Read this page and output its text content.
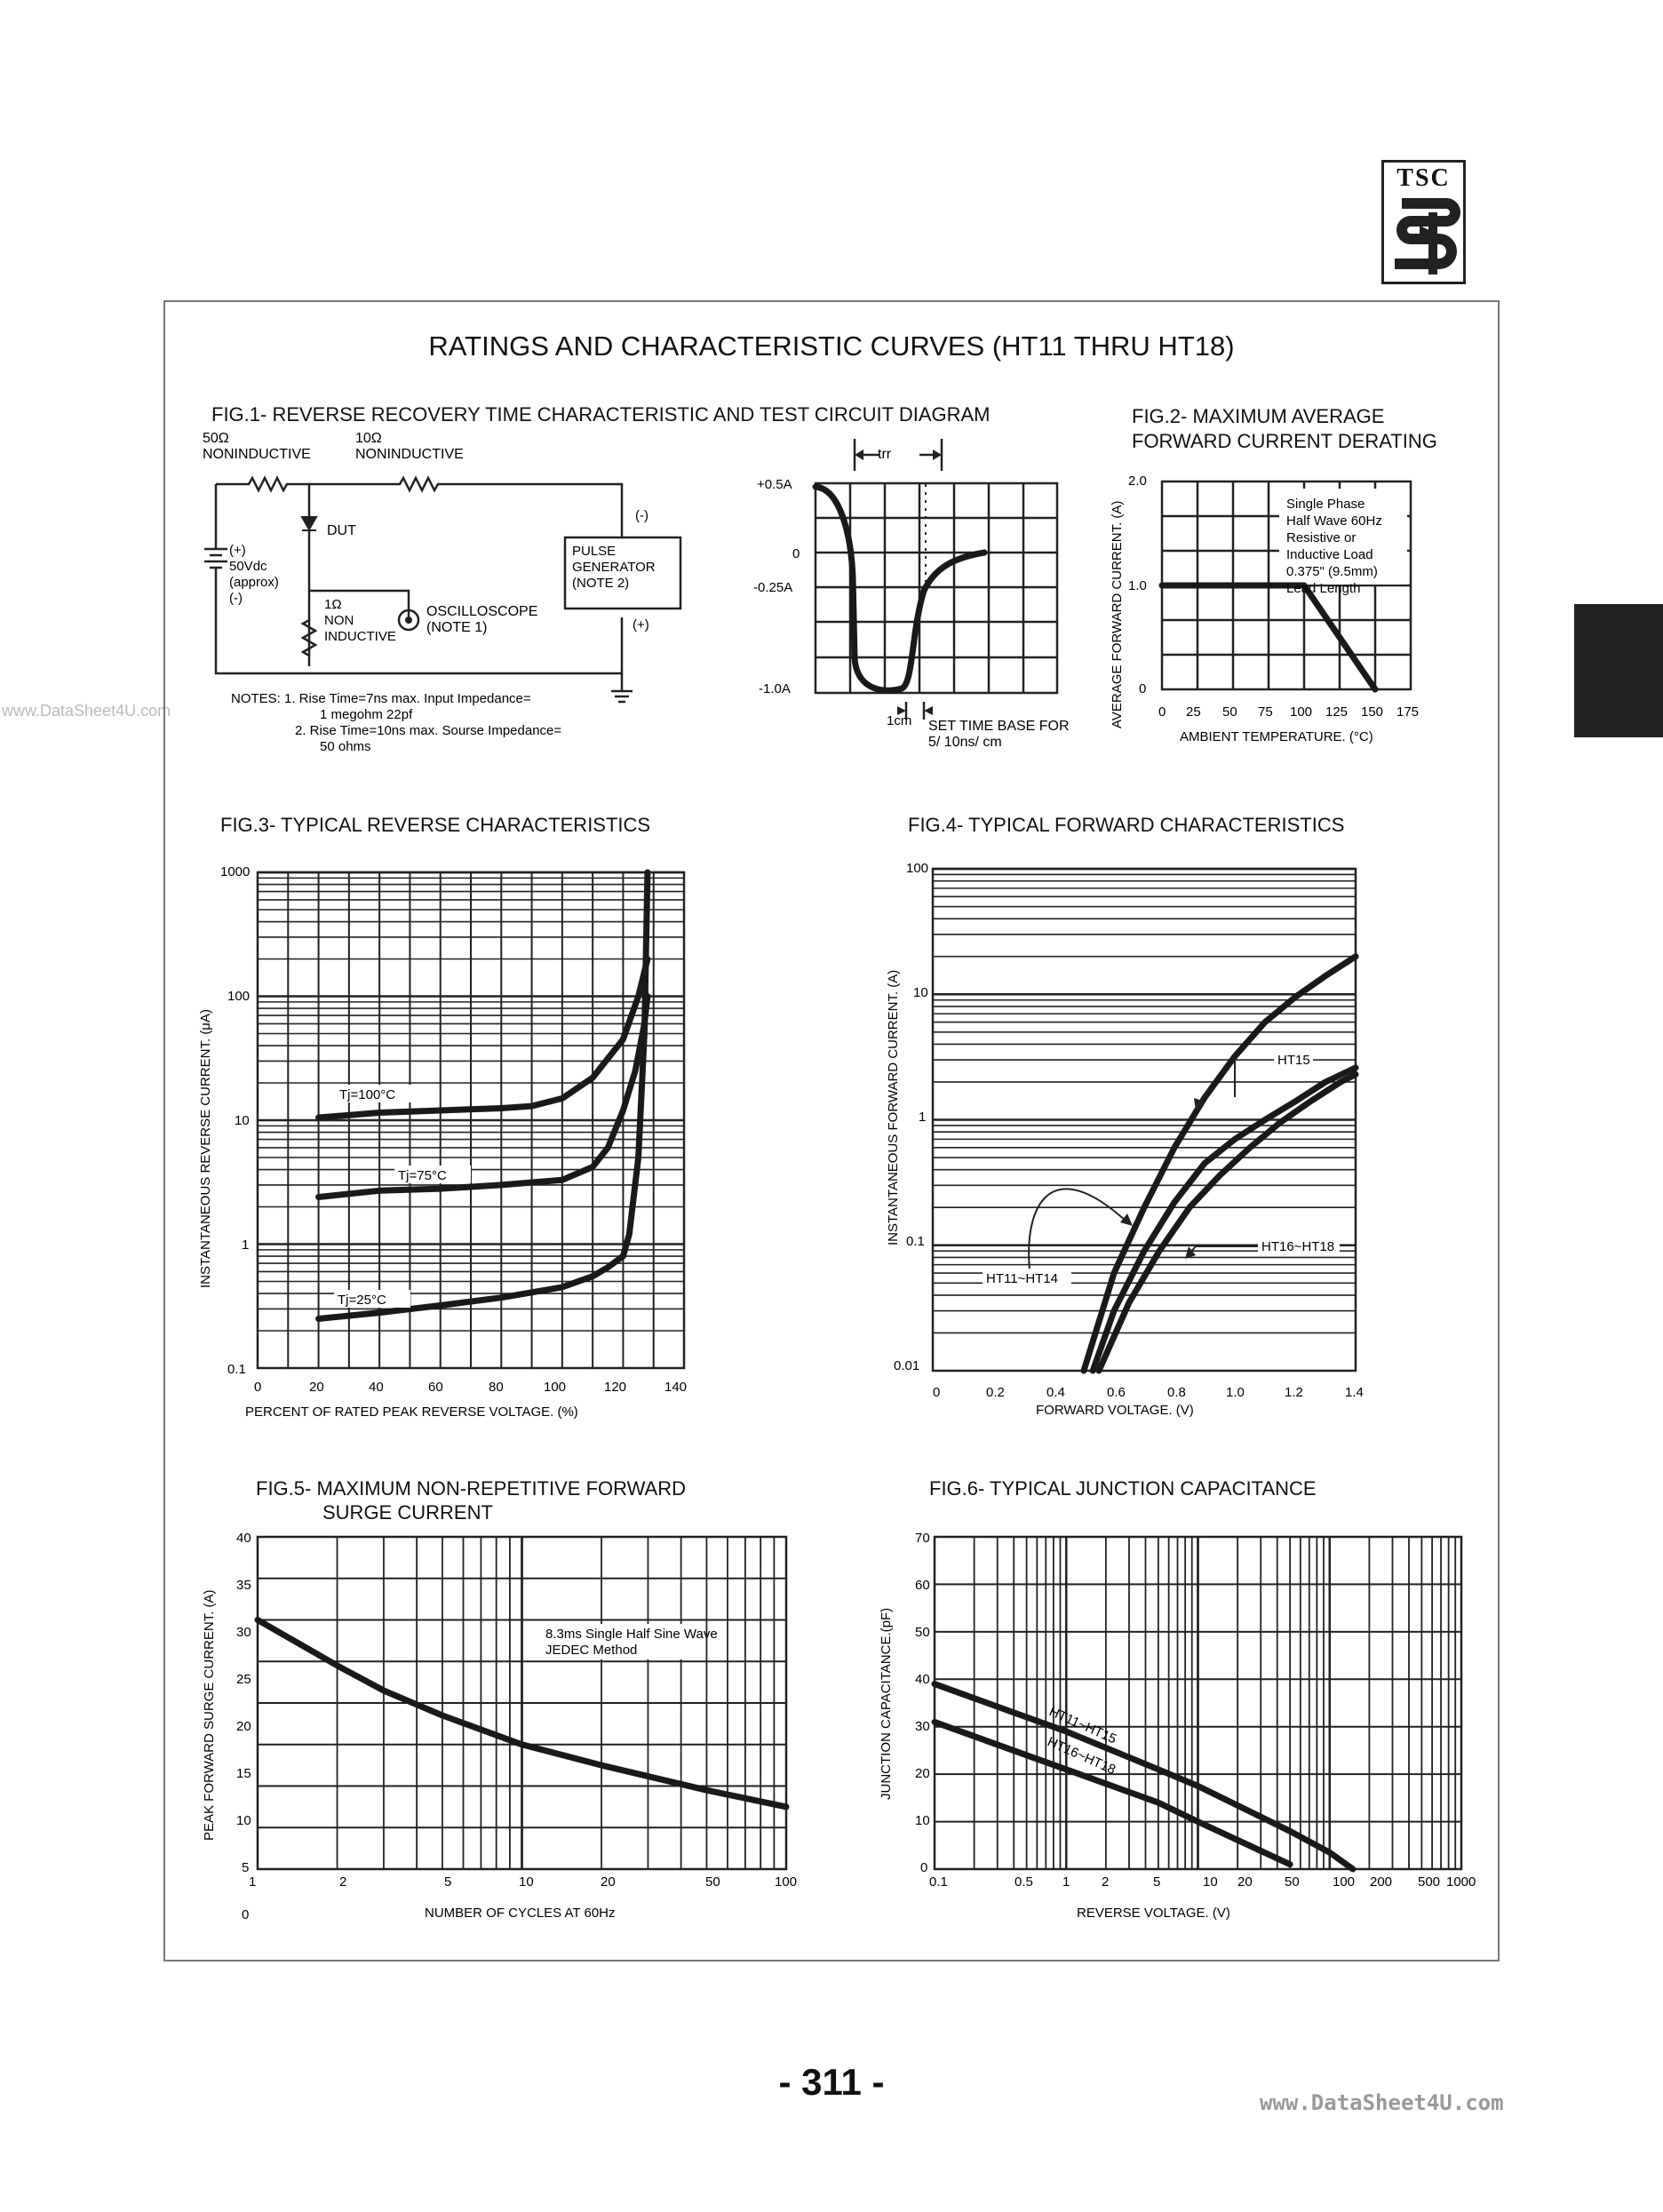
TSC
www.DataSheet4U.com
RATINGS AND CHARACTERISTIC CURVES (HT11 THRU HT18)
- 311 -	www.DataSheet4U.com
FIG.1- REVERSE RECOVERY TIME CHARACTERISTIC AND TEST CIRCUIT DIAGRAM
50Ω
NONINDUCTIVE
10Ω
NONINDUCTIVE
DUT
(+)
50Vdc
(approx)
(-)	1Ω
NON
INDUCTIVE
OSCILLOSCOPE
(NOTE 1)
PULSE
GENERATOR
(NOTE 2)
(-)
(+)
NOTES: 1. Rise Time=7ns max. Input Impedance=
1 megohm 22pf
2. Rise Time=10ns max. Sourse Impedance=
50 ohms
trr
+0.5A
0
-0.25A
-1.0A
1cm SET TIME BASE FOR
5/ 10ns/ cm
FIG.2- MAXIMUM AVERAGE
FORWARD CURRENT DERATING
Single Phase
Half Wave 60Hz
Resistive or
Inductive Load
0.375" (9.5mm)
Lead Length
2.0
1.0
0
0 25 50 75 100 125 150 175
AMBIENT TEMPERATURE. (°C)
AVERAGE FORWARD CURRENT. (A)
FIG.3- TYPICAL REVERSE CHARACTERISTICS
Tj=100°C
Tj=75°C
Tj=25°C
1000
100
10
1
0.1
0	20	40	60	80	100	120	140
PERCENT OF RATED PEAK REVERSE VOLTAGE. (%)
INSTANTANEOUS REVERSE CURRENT. (μA)
FIG.4- TYPICAL FORWARD CHARACTERISTICS
HT15
HT16~HT18
HT11~HT14
100
10
1
0.1
0.01
0	0.2	0.4	0.6	0.8	1.0	1.2	1.4
FORWARD VOLTAGE. (V)
INSTANTANEOUS FORWARD CURRENT. (A)
FIG.5- MAXIMUM NON-REPETITIVE FORWARD
SURGE CURRENT
8.3ms Single Half Sine Wave
JEDEC Method
40
35
30
25
20
15
10
5
0
1	2	5	10	20	50	100
NUMBER OF CYCLES AT 60Hz
PEAK FORWARD SURGE CURRENT. (A)
FIG.6- TYPICAL JUNCTION CAPACITANCE
HT11~HT15
HT16~HT18
70
60
50
40
30
20
10
0
0.1	0.5 1 2	5	10 20 50 100 200 500 1000
REVERSE VOLTAGE. (V)
JUNCTION CAPACITANCE.(pF)
